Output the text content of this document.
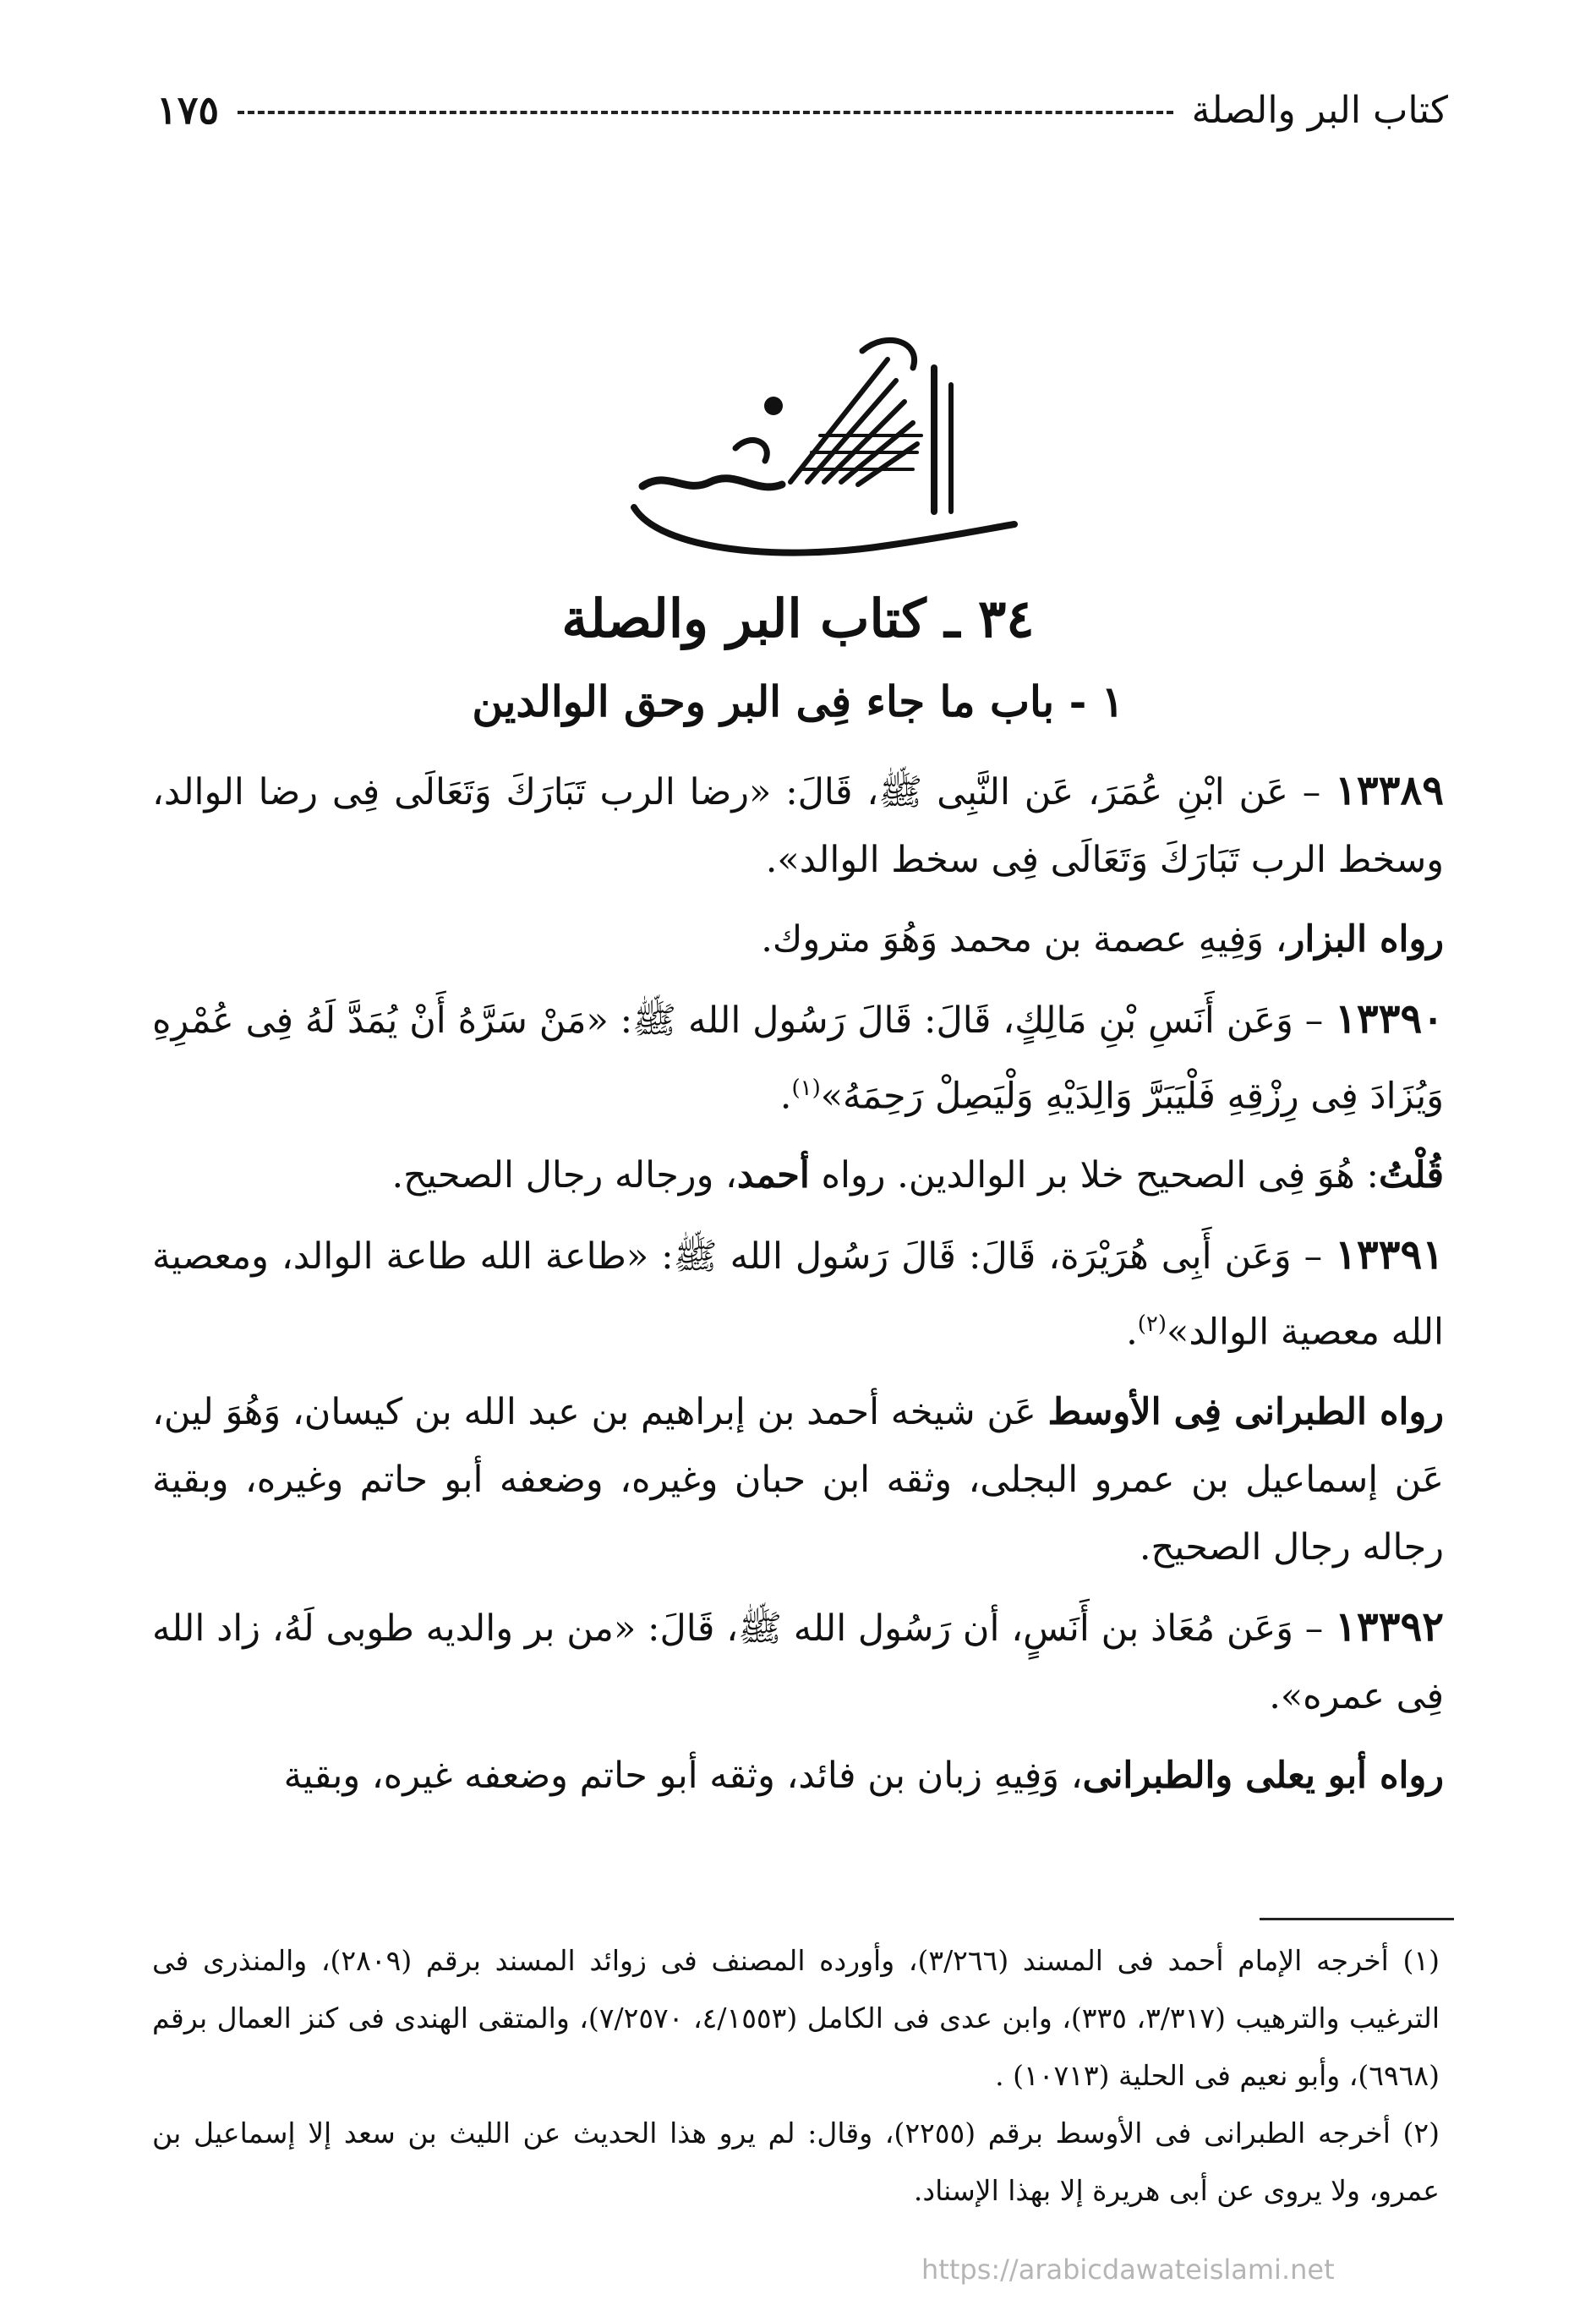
كتاب البر والصلة
١٧٥
٣٤ ـ كتاب البر والصلة
١ - باب ما جاء فِى البر وحق الوالدين

١٣٣٨٩ – عَن ابْنِ عُمَرَ، عَن النَّبِى ﷺ، قَالَ: «رضا الرب تَبَارَكَ وَتَعَالَى فِى رضا الوالد، وسخط الرب تَبَارَكَ وَتَعَالَى فِى سخط الوالد».

رواه البزار، وَفِيهِ عصمة بن محمد وَهُوَ متروك.

١٣٣٩٠ – وَعَن أَنَسِ بْنِ مَالِكٍ، قَالَ: قَالَ رَسُول الله ﷺ: «مَنْ سَرَّهُ أَنْ يُمَدَّ لَهُ فِى عُمْرِهِ وَيُزَادَ فِى رِزْقِهِ فَلْيَبَرَّ وَالِدَيْهِ وَلْيَصِلْ رَحِمَهُ»$^{(١)}$.

قُلْتُ: هُوَ فِى الصحيح خلا بر الوالدين. رواه أحمد، ورجاله رجال الصحيح.

١٣٣٩١ – وَعَن أَبِى هُرَيْرَة، قَالَ: قَالَ رَسُول الله ﷺ: «طاعة الله طاعة الوالد، ومعصية الله معصية الوالد»$^{(٢)}$.

رواه الطبرانى فِى الأوسط عَن شيخه أحمد بن إبراهيم بن عبد الله بن كيسان، وَهُوَ لين، عَن إسماعيل بن عمرو البجلى، وثقه ابن حبان وغيره، وضعفه أبو حاتم وغيره، وبقية رجاله رجال الصحيح.

١٣٣٩٢ – وَعَن مُعَاذ بن أَنَسٍ، أن رَسُول الله ﷺ، قَالَ: «من بر والديه طوبى لَهُ، زاد الله فِى عمره».

رواه أبو يعلى والطبرانى، وَفِيهِ زبان بن فائد، وثقه أبو حاتم وضعفه غيره، وبقية

(١) أخرجه الإمام أحمد فى المسند (٣/٢٦٦)، وأورده المصنف فى زوائد المسند برقم (٢٨٠٩)، والمنذرى فى الترغيب والترهيب (٣/٣١٧، ٣٣٥)، وابن عدى فى الكامل (٤/١٥٥٣، ٧/٢٥٧٠)، والمتقى الهندى فى كنز العمال برقم (٦٩٦٨)، وأبو نعيم فى الحلية (١٠٧١٣) .

(٢) أخرجه الطبرانى فى الأوسط برقم (٢٢٥٥)، وقال: لم يرو هذا الحديث عن الليث بن سعد إلا إسماعيل بن عمرو، ولا يروى عن أبى هريرة إلا بهذا الإسناد.

https://arabicdawateislami.net
